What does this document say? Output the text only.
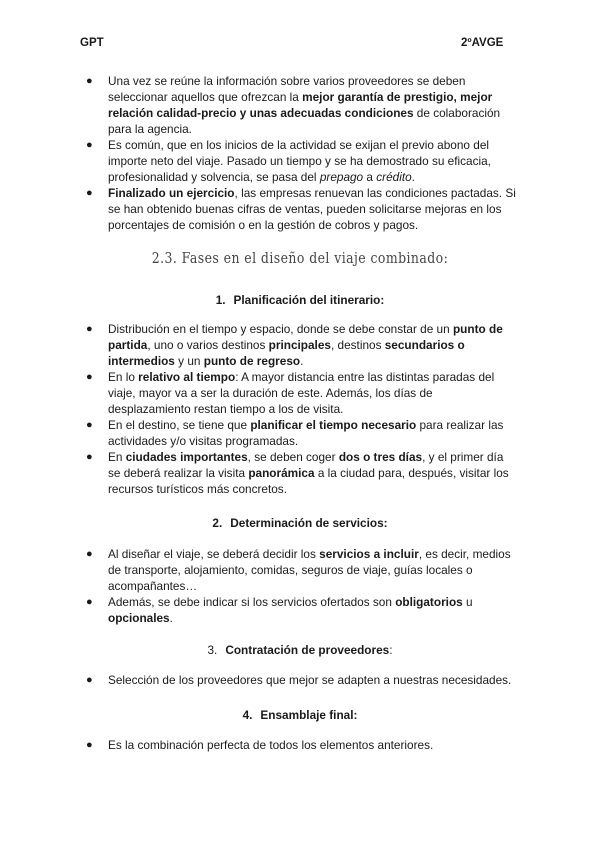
GPT	2ºAVGE
● Una vez se reúne la información sobre varios proveedores se deben seleccionar aquellos que ofrezcan la mejor garantía de prestigio, mejor relación calidad-precio y unas adecuadas condiciones de colaboración para la agencia.
● Es común, que en los inicios de la actividad se exijan el previo abono del importe neto del viaje. Pasado un tiempo y se ha demostrado su eficacia, profesionalidad y solvencia, se pasa del prepago a crédito.
● Finalizado un ejercicio, las empresas renuevan las condiciones pactadas. Si se han obtenido buenas cifras de ventas, pueden solicitarse mejoras en los porcentajes de comisión o en la gestión de cobros y pagos.
2.3. Fases en el diseño del viaje combinado:
1. Planificación del itinerario:
● Distribución en el tiempo y espacio, donde se debe constar de un punto de partida, uno o varios destinos principales, destinos secundarios o intermedios y un punto de regreso.
● En lo relativo al tiempo: A mayor distancia entre las distintas paradas del viaje, mayor va a ser la duración de este. Además, los días de desplazamiento restan tiempo a los de visita.
● En el destino, se tiene que planificar el tiempo necesario para realizar las actividades y/o visitas programadas.
● En ciudades importantes, se deben coger dos o tres días, y el primer día se deberá realizar la visita panorámica a la ciudad para, después, visitar los recursos turísticos más concretos.
2. Determinación de servicios:
● Al diseñar el viaje, se deberá decidir los servicios a incluir, es decir, medios de transporte, alojamiento, comidas, seguros de viaje, guías locales o acompañantes…
● Además, se debe indicar si los servicios ofertados son obligatorios u opcionales.
3. Contratación de proveedores:
● Selección de los proveedores que mejor se adapten a nuestras necesidades.
4. Ensamblaje final:
● Es la combinación perfecta de todos los elementos anteriores.
